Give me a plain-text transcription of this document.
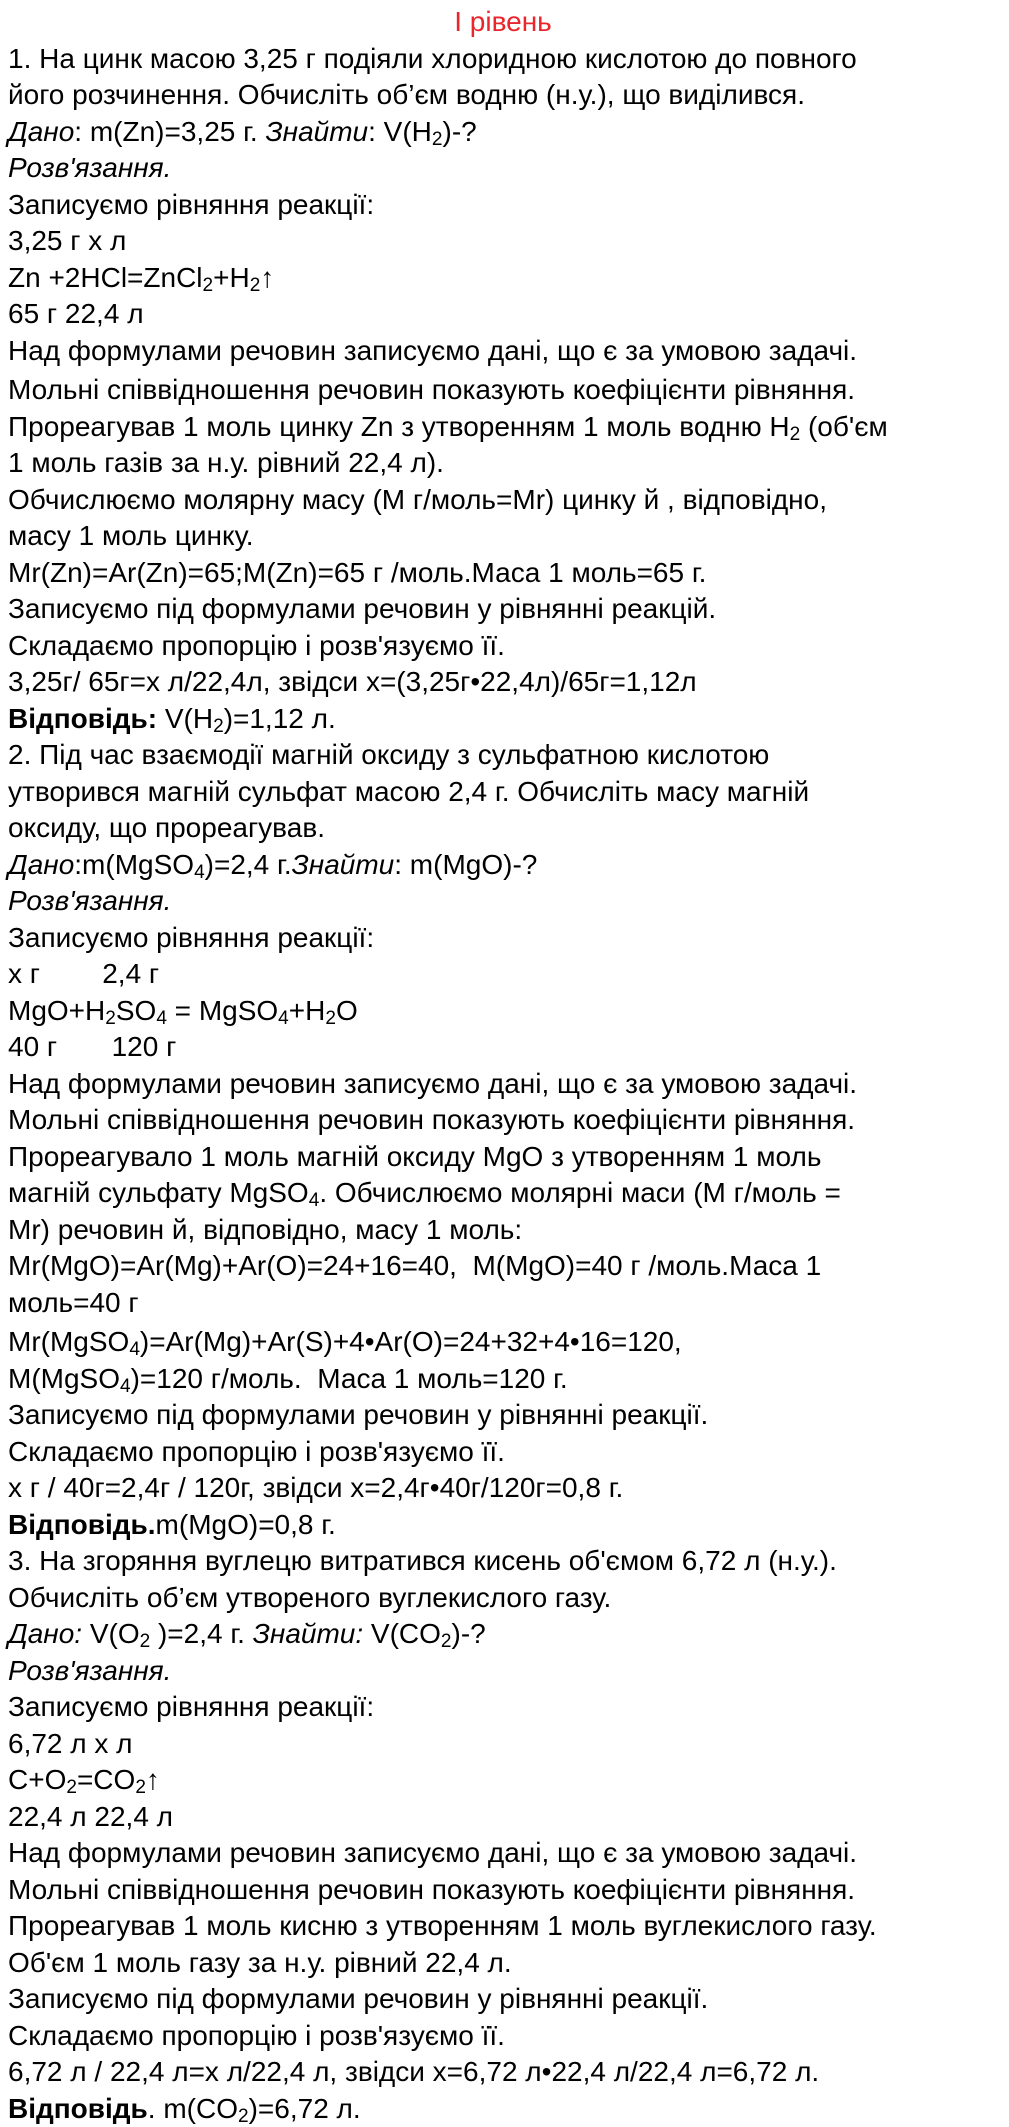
І рівень
1. На цинк масою 3,25 г подіяли хлоридною кислотою до повного
його розчинення. Обчисліть об’єм водню (н.у.), що виділився.
Дано: m(Zn)=3,25 г. Знайти: $V(H_2)-$?
Розв'язання.
Записуємо рівняння реакції:
3,25 г х л
$Zn +2HCl=ZnCl_2+H_2↑$
65 г 22,4 л
Над формулами речовин записуємо дані, що є за умовою задачі.
Мольні співвідношення речовин показують коефіцієнти рівняння.
Прореагував 1 моль цинку Zn з утворенням 1 моль водню $H_2$ (об'єм
1 моль газів за н.у. рівний 22,4 л).
Обчислюємо молярну масу (M г/моль=Mr) цинку й , відповідно,
масу 1 моль цинку.
Mr(Zn)=Ar(Zn)=65;M(Zn)=65 г /моль.Маса 1 моль=65 г.
Записуємо під формулами речовин у рівнянні реакцій.
Складаємо пропорцію і розв'язуємо її.
3,25г/ 65г=х л/22,4л, звідси х=(3,25г•22,4л)/65г=1,12л
Відповідь: $V(H_2)=1,12$ л.
2. Під час взаємодії магній оксиду з сульфатною кислотою
утворився магній сульфат масою 2,4 г. Обчисліть масу магній
оксиду, що прореагував.
Дано:m(MgSO$_4$)=2,4 г.Знайти: m(MgO)-?
Розв'язання.
Записуємо рівняння реакції:
х г        2,4 г
$MgO+H_2SO_4$ = $MgSO_4+H_2O$
40 г       120 г
Над формулами речовин записуємо дані, що є за умовою задачі.
Мольні співвідношення речовин показують коефіцієнти рівняння.
Прореагувало 1 моль магній оксиду MgO з утворенням 1 моль
магній сульфату MgSO$_4$. Обчислюємо молярні маси (M г/моль =
Mr) речовин й, відповідно, масу 1 моль:
Mr(MgO)=Ar(Mg)+Ar(O)=24+16=40,  M(MgO)=40 г /моль.Маса 1
моль=40 г
Mr(MgSO$_4$)=Ar(Mg)+Ar(S)+4•Ar(O)=24+32+4•16=120,
M(MgSO$_4$)=120 г/моль.  Маса 1 моль=120 г.
Записуємо під формулами речовин у рівнянні реакції.
Складаємо пропорцію і розв'язуємо її.
х г / 40г=2,4г / 120г, звідси х=2,4г•40г/120г=0,8 г.
Відповідь.m(MgO)=0,8 г.
3. На згоряння вуглецю витратився кисень об'ємом 6,72 л (н.у.).
Обчисліть об’єм утвореного вуглекислого газу.
Дано: $V(O_2$ )=2,4 г. Знайти: $V(CO_2)-$?
Розв'язання.
Записуємо рівняння реакції:
6,72 л х л
$C+O_2=CO_2↑$
22,4 л 22,4 л
Над формулами речовин записуємо дані, що є за умовою задачі.
Мольні співвідношення речовин показують коефіцієнти рівняння.
Прореагував 1 моль кисню з утворенням 1 моль вуглекислого газу.
Об'єм 1 моль газу за н.у. рівний 22,4 л.
Записуємо під формулами речовин у рівнянні реакції.
Складаємо пропорцію і розв'язуємо її.
6,72 л / 22,4 л=х л/22,4 л, звідси х=6,72 л•22,4 л/22,4 л=6,72 л.
Відповідь. $m(CO_2)=6,72$ л.
